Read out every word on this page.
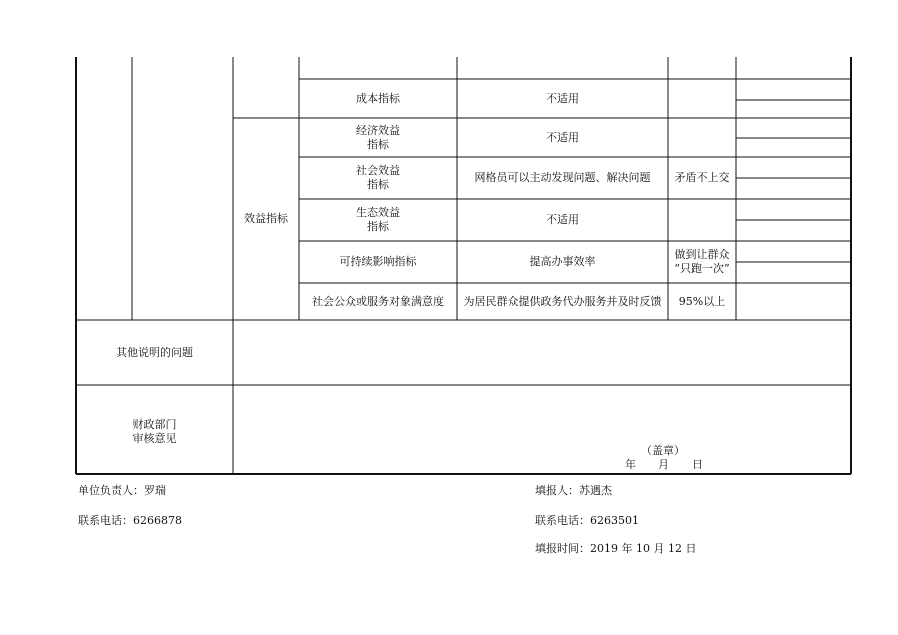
成本指标	不适用
效益指标
经济效益
指标
不适用
社会效益
指标
网格员可以主动发现问题、解决问题 矛盾不上交
生态效益
指标
不适用
可持续影响指标	提高办事效率
做到让群众
“只跑一次”
社会公众或服务对象满意度 为居民群众提供政务代办服务并及时反馈 95%以上
其他说明的问题
财政部门
审核意见
（盖章）
年 月 日
单位负责人：罗瑞
联系电话：6266878
填报人：苏遇杰
联系电话：6263501
填报时间：2019 年 10 月 12 日
